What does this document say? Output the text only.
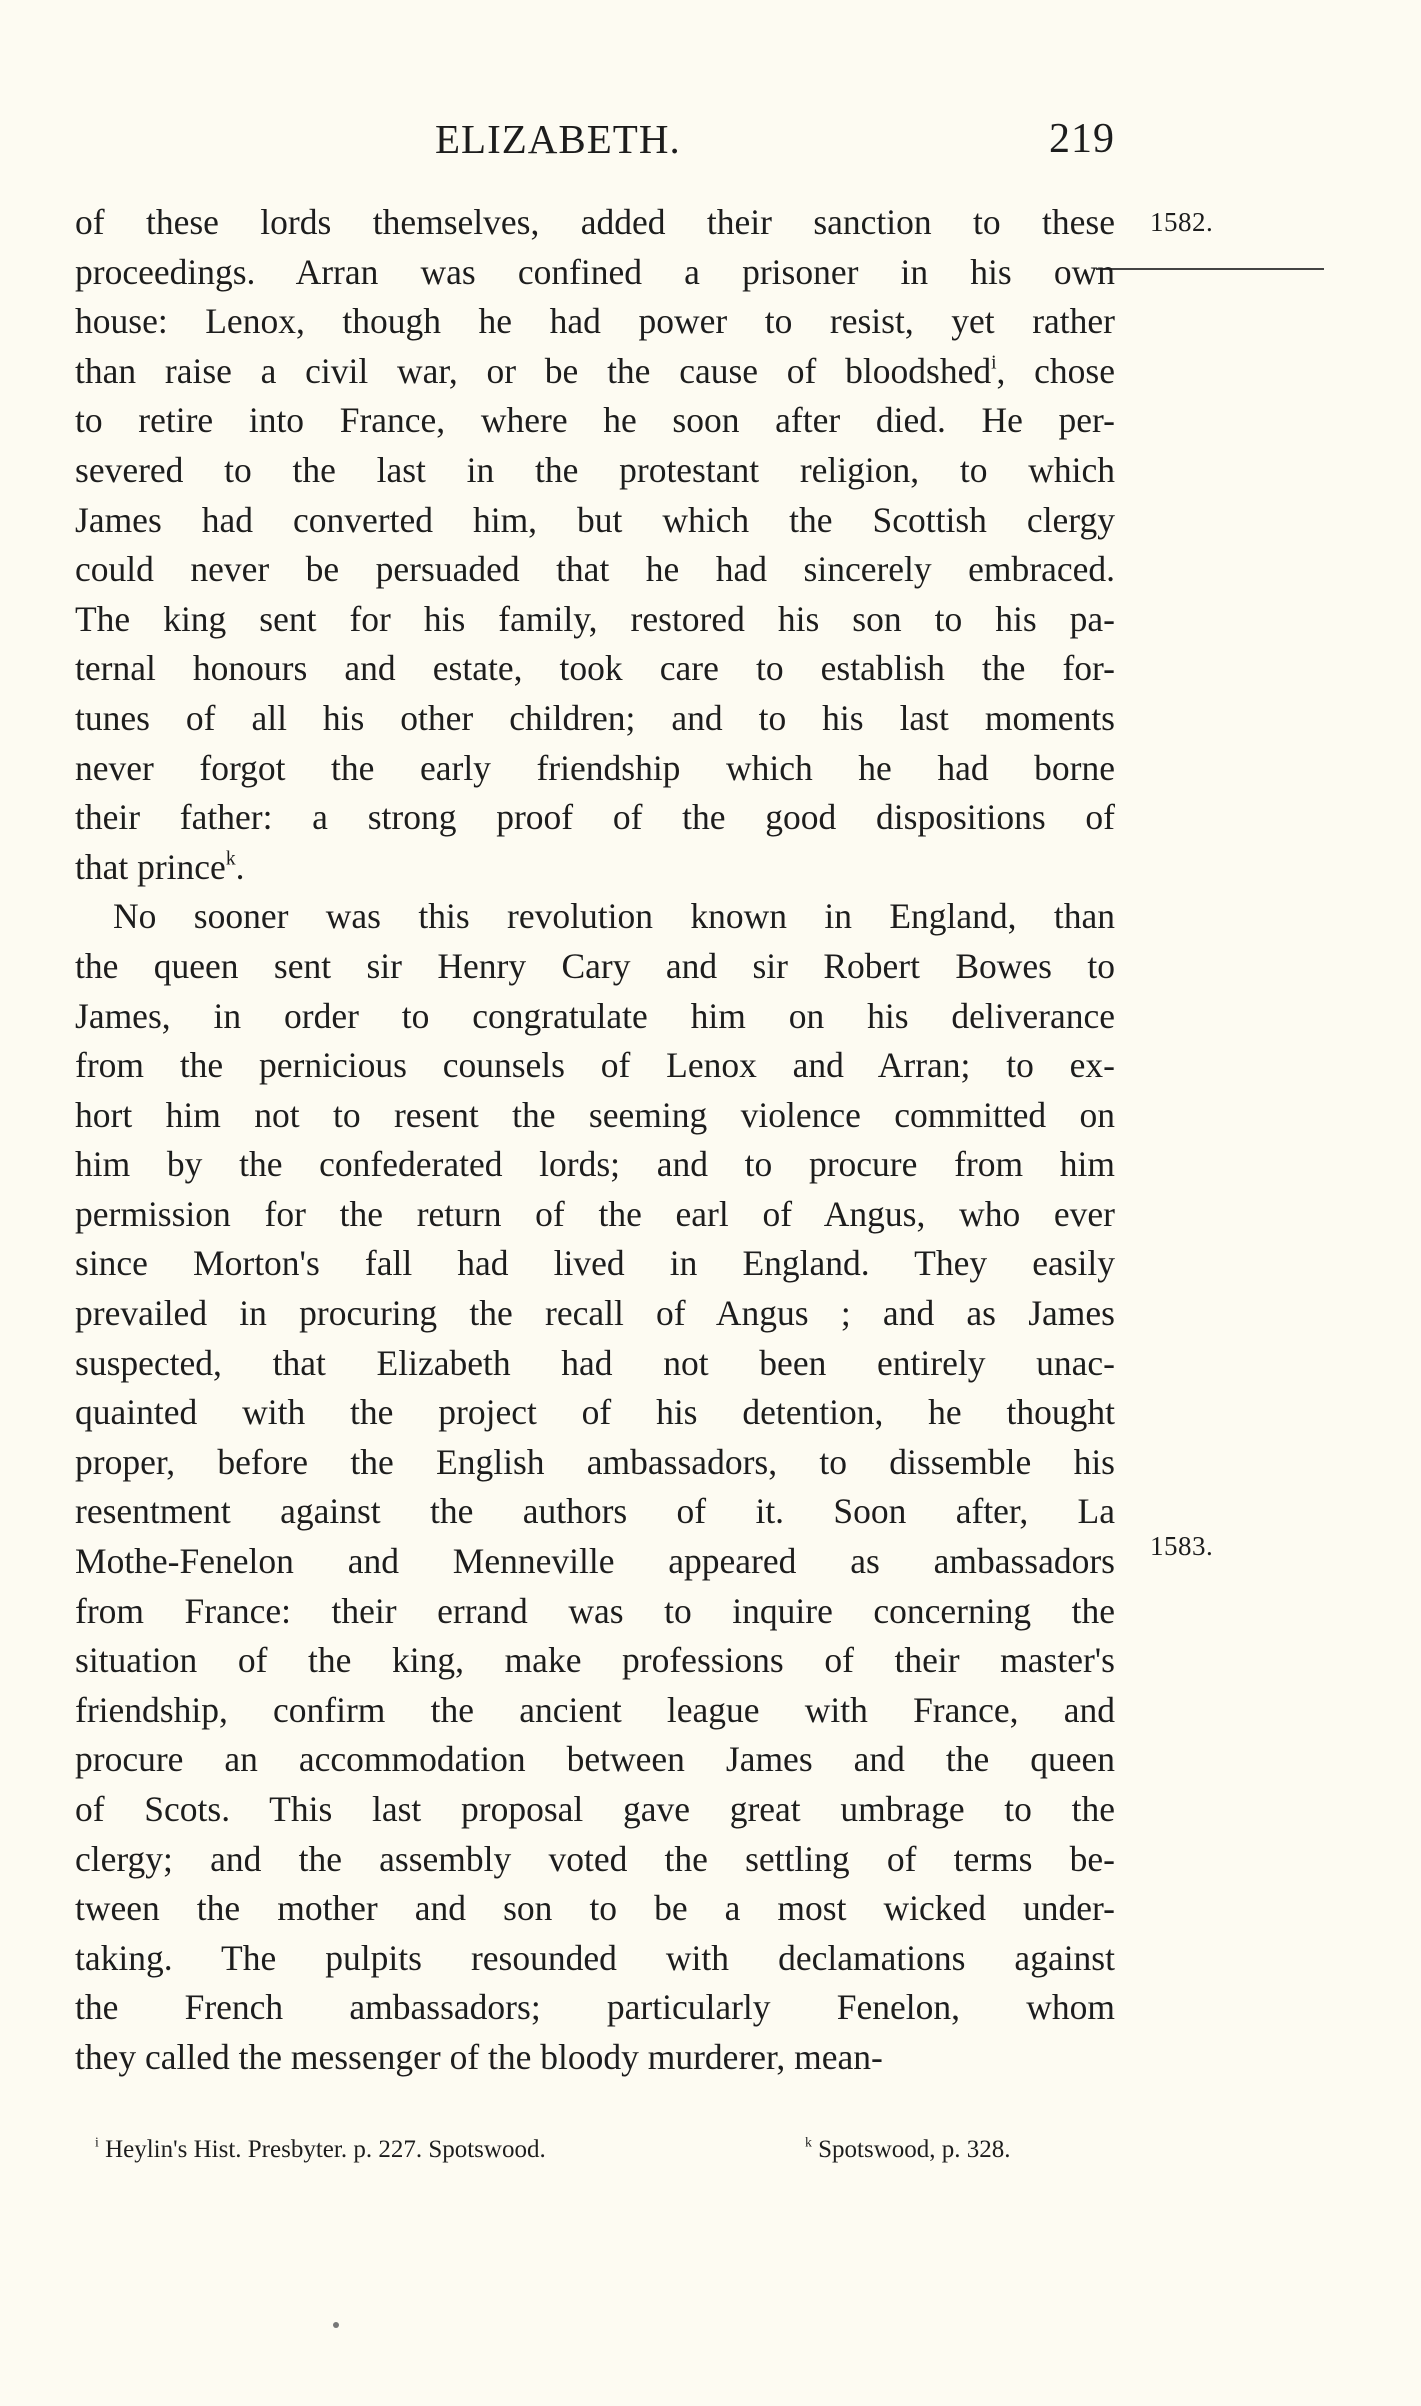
ELIZABETH.	219
1582.
1583.
of these lords themselves, added their sanction to these
proceedings. Arran was confined a prisoner in his own
house: Lenox, though he had power to resist, yet rather
than raise a civil war, or be the cause of bloodshed$^i$, chose
to retire into France, where he soon after died. He per-
severed to the last in the protestant religion, to which
James had converted him, but which the Scottish clergy
could never be persuaded that he had sincerely embraced.
The king sent for his family, restored his son to his pa-
ternal honours and estate, took care to establish the for-
tunes of all his other children; and to his last moments
never forgot the early friendship which he had borne
their father: a strong proof of the good dispositions of
that prince$^k$.
No sooner was this revolution known in England, than
the queen sent sir Henry Cary and sir Robert Bowes to
James, in order to congratulate him on his deliverance
from the pernicious counsels of Lenox and Arran; to ex-
hort him not to resent the seeming violence committed on
him by the confederated lords; and to procure from him
permission for the return of the earl of Angus, who ever
since Morton's fall had lived in England. They easily
prevailed in procuring the recall of Angus ; and as James
suspected, that Elizabeth had not been entirely unac-
quainted with the project of his detention, he thought
proper, before the English ambassadors, to dissemble his
resentment against the authors of it. Soon after, La
Mothe-Fenelon and Menneville appeared as ambassadors
from France: their errand was to inquire concerning the
situation of the king, make professions of their master's
friendship, confirm the ancient league with France, and
procure an accommodation between James and the queen
of Scots. This last proposal gave great umbrage to the
clergy; and the assembly voted the settling of terms be-
tween the mother and son to be a most wicked under-
taking. The pulpits resounded with declamations against
the French ambassadors; particularly Fenelon, whom
they called the messenger of the bloody murderer, mean-
$^i$ Heylin's Hist. Presbyter. p. 227. Spotswood.	$^k$ Spotswood, p. 328.
